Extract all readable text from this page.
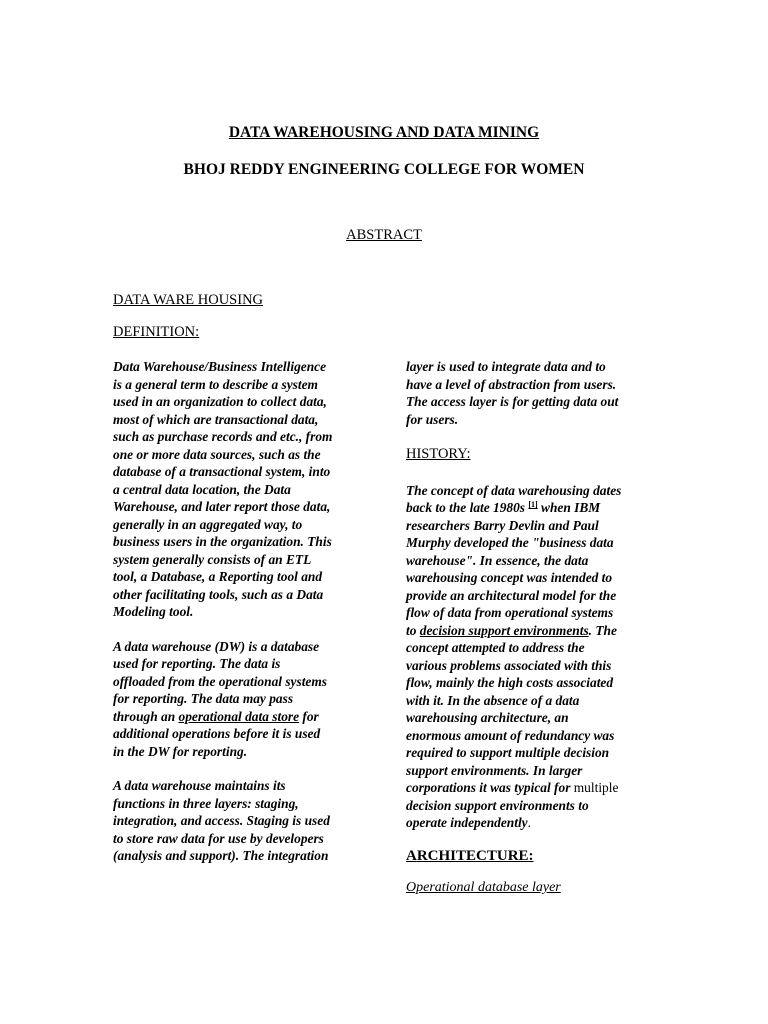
DATA WAREHOUSING AND DATA MINING
BHOJ REDDY ENGINEERING COLLEGE FOR WOMEN
ABSTRACT
DATA WARE HOUSING
DEFINITION:

Data Warehouse/Business Intelligence
is a general term to describe a system
used in an organization to collect data,
most of which are transactional data,
such as purchase records and etc., from
one or more data sources, such as the
database of a transactional system, into
a central data location, the Data
Warehouse, and later report those data,
generally in an aggregated way, to
business users in the organization. This
system generally consists of an ETL
tool, a Database, a Reporting tool and
other facilitating tools, such as a Data
Modeling tool.

A data warehouse (DW) is a database
used for reporting. The data is
offloaded from the operational systems
for reporting. The data may pass
through an operational data store for
additional operations before it is used
in the DW for reporting.

A data warehouse maintains its
functions in three layers: staging,
integration, and access. Staging is used
to store raw data for use by developers
(analysis and support). The integration

layer is used to integrate data and to
have a level of abstraction from users.
The access layer is for getting data out
for users.

HISTORY:

The concept of data warehousing dates
back to the late 1980s [1] when IBM
researchers Barry Devlin and Paul
Murphy developed the "business data
warehouse". In essence, the data
warehousing concept was intended to
provide an architectural model for the
flow of data from operational systems
to decision support environments. The
concept attempted to address the
various problems associated with this
flow, mainly the high costs associated
with it. In the absence of a data
warehousing architecture, an
enormous amount of redundancy was
required to support multiple decision
support environments. In larger
corporations it was typical for multiple
decision support environments to
operate independently.

ARCHITECTURE:
Operational database layer
